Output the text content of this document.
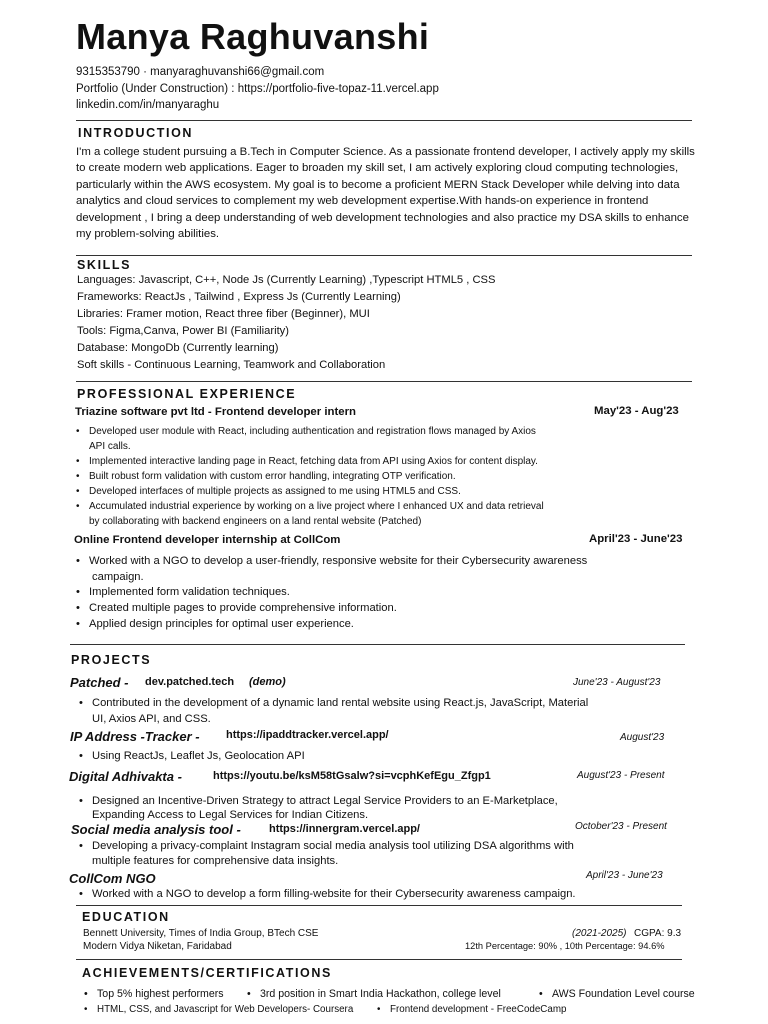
Manya Raghuvanshi
9315353790 · manyaraghuvanshi66@gmail.com
Portfolio (Under Construction) : https://portfolio-five-topaz-11.vercel.app
linkedin.com/in/manyaraghu
INTRODUCTION
I'm a college student pursuing a B.Tech in Computer Science. As a passionate frontend developer, I actively apply my skills to create modern web applications. Eager to broaden my skill set, I am actively exploring cloud computing technologies, particularly within the AWS ecosystem. My goal is to become a proficient MERN Stack Developer while delving into data analytics and cloud services to complement my web development expertise.With hands-on experience in frontend development , I bring a deep understanding of web development technologies and also practice my DSA skills to enhance my problem-solving abilities.
SKILLS
Languages: Javascript, C++, Node Js (Currently Learning) ,Typescript HTML5 , CSS
Frameworks: ReactJs , Tailwind , Express Js (Currently Learning)
Libraries: Framer motion, React three fiber (Beginner), MUI
Tools: Figma,Canva, Power BI (Familiarity)
Database: MongoDb (Currently learning)
Soft skills - Continuous Learning, Teamwork and Collaboration
PROFESSIONAL EXPERIENCE
Triazine software pvt ltd - Frontend developer intern	May'23 - Aug'23
• Developed user module with React, including authentication and registration flows managed by Axios
API calls.
• Implemented interactive landing page in React, fetching data from API using Axios for content display.
• Built robust form validation with custom error handling, integrating OTP verification.
• Developed interfaces of multiple projects as assigned to me using HTML5 and CSS.
• Accumulated industrial experience by working on a live project where I enhanced UX and data retrieval
by collaborating with backend engineers on a land rental website (Patched)
Online Frontend developer internship at CollCom	April'23 - June'23
• Worked with a NGO to develop a user-friendly, responsive website for their Cybersecurity awareness
campaign.
• Implemented form validation techniques.
• Created multiple pages to provide comprehensive information.
• Applied design principles for optimal user experience.
PROJECTS
Patched - dev.patched.tech (demo)	June'23 - August'23
• Contributed in the development of a dynamic land rental website using React.js, JavaScript, Material
UI, Axios API, and CSS.
IP Address -Tracker - https://ipaddtracker.vercel.app/	August'23
• Using ReactJs, Leaflet Js, Geolocation API
Digital Adhivakta -	https://youtu.be/ksM58tGsalw?si=vcphKefEgu_Zfgp1	August'23 - Present
• Designed an Incentive-Driven Strategy to attract Legal Service Providers to an E-Marketplace,
Expanding Access to Legal Services for Indian Citizens.
Social media analysis tool -	https://innergram.vercel.app/	October'23 - Present
• Developing a privacy-complaint Instagram social media analysis tool utilizing DSA algorithms with
multiple features for comprehensive data insights.
CollCom NGO	April'23 - June'23
• Worked with a NGO to develop a form filling-website for their Cybersecurity awareness campaign.
EDUCATION
Bennett University, Times of India Group, BTech CSE	(2021-2025) CGPA: 9.3
Modern Vidya Niketan, Faridabad	12th Percentage: 90% , 10th Percentage: 94.6%
ACHIEVEMENTS/CERTIFICATIONS
• Top 5% highest performers	• 3rd position in Smart India Hackathon, college level	• AWS Foundation Level course
• HTML, CSS, and Javascript for Web Developers- Coursera	• Frontend development - FreeCodeCamp
